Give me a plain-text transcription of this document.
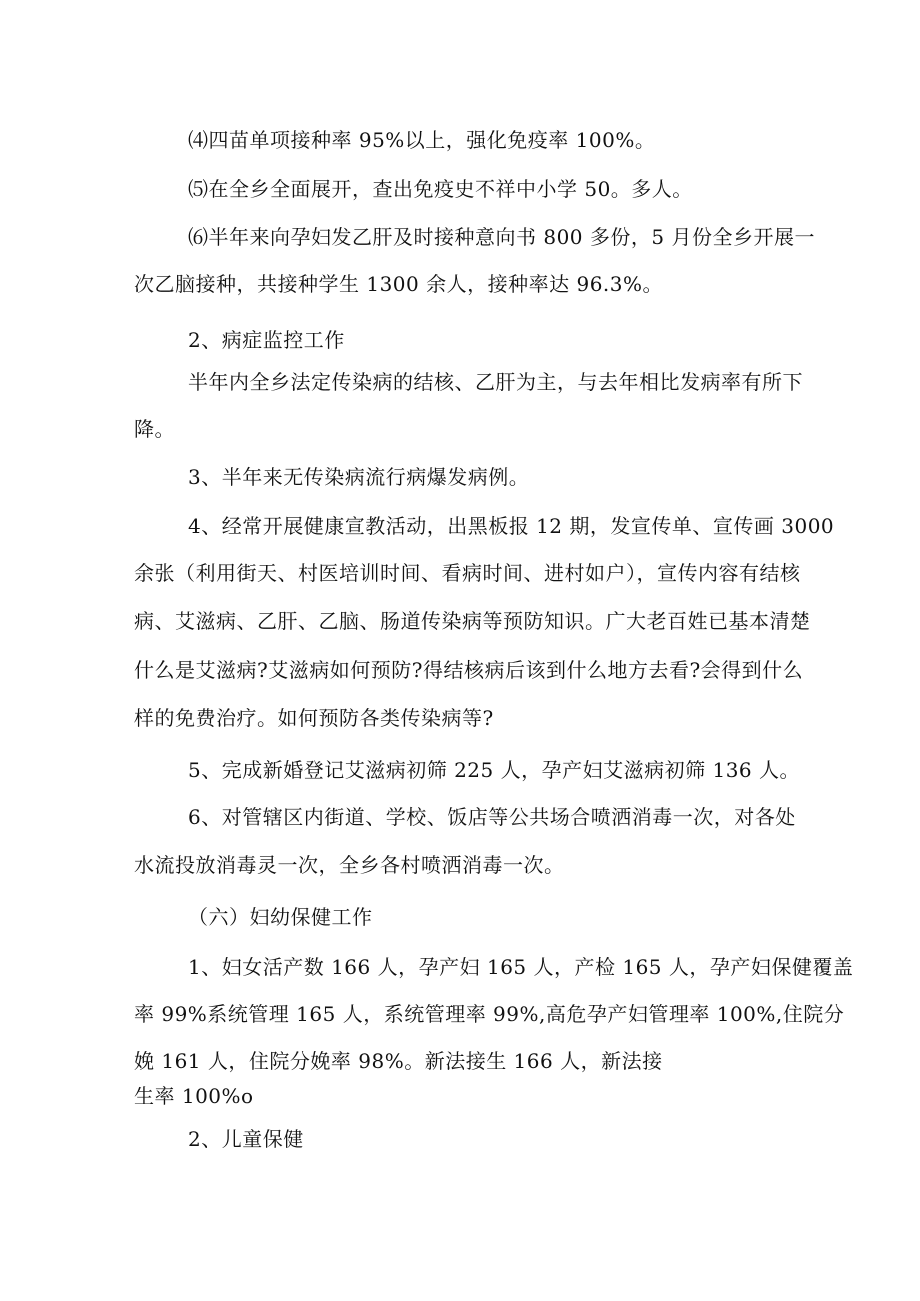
⑷四苗单项接种率 95%以上，强化免疫率 100%。
⑸在全乡全面展开，查出免疫史不祥中小学 50。多人。
⑹半年来向孕妇发乙肝及时接种意向书 800 多份，5 月份全乡开展一
次乙脑接种，共接种学生 1300 余人，接种率达 96.3%。
2、病症监控工作
半年内全乡法定传染病的结核、乙肝为主，与去年相比发病率有所下
降。
3、半年来无传染病流行病爆发病例。
4、经常开展健康宣教活动，出黑板报 12 期，发宣传单、宣传画 3000
余张（利用街天、村医培训时间、看病时间、进村如户），宣传内容有结核
病、艾滋病、乙肝、乙脑、肠道传染病等预防知识。广大老百姓已基本清楚
什么是艾滋病?艾滋病如何预防?得结核病后该到什么地方去看?会得到什么
样的免费治疗。如何预防各类传染病等?
5、完成新婚登记艾滋病初筛 225 人，孕产妇艾滋病初筛 136 人。
6、对管辖区内街道、学校、饭店等公共场合喷洒消毒一次，对各处
水流投放消毒灵一次，全乡各村喷洒消毒一次。
（六）妇幼保健工作
1、妇女活产数 166 人，孕产妇 165 人，产检 165 人，孕产妇保健覆盖
率 99%系统管理 165 人，系统管理率 99%,高危孕产妇管理率 100%,住院分
娩 161 人，住院分娩率 98%。新法接生 166 人，新法接
生率 100%o
2、儿童保健
